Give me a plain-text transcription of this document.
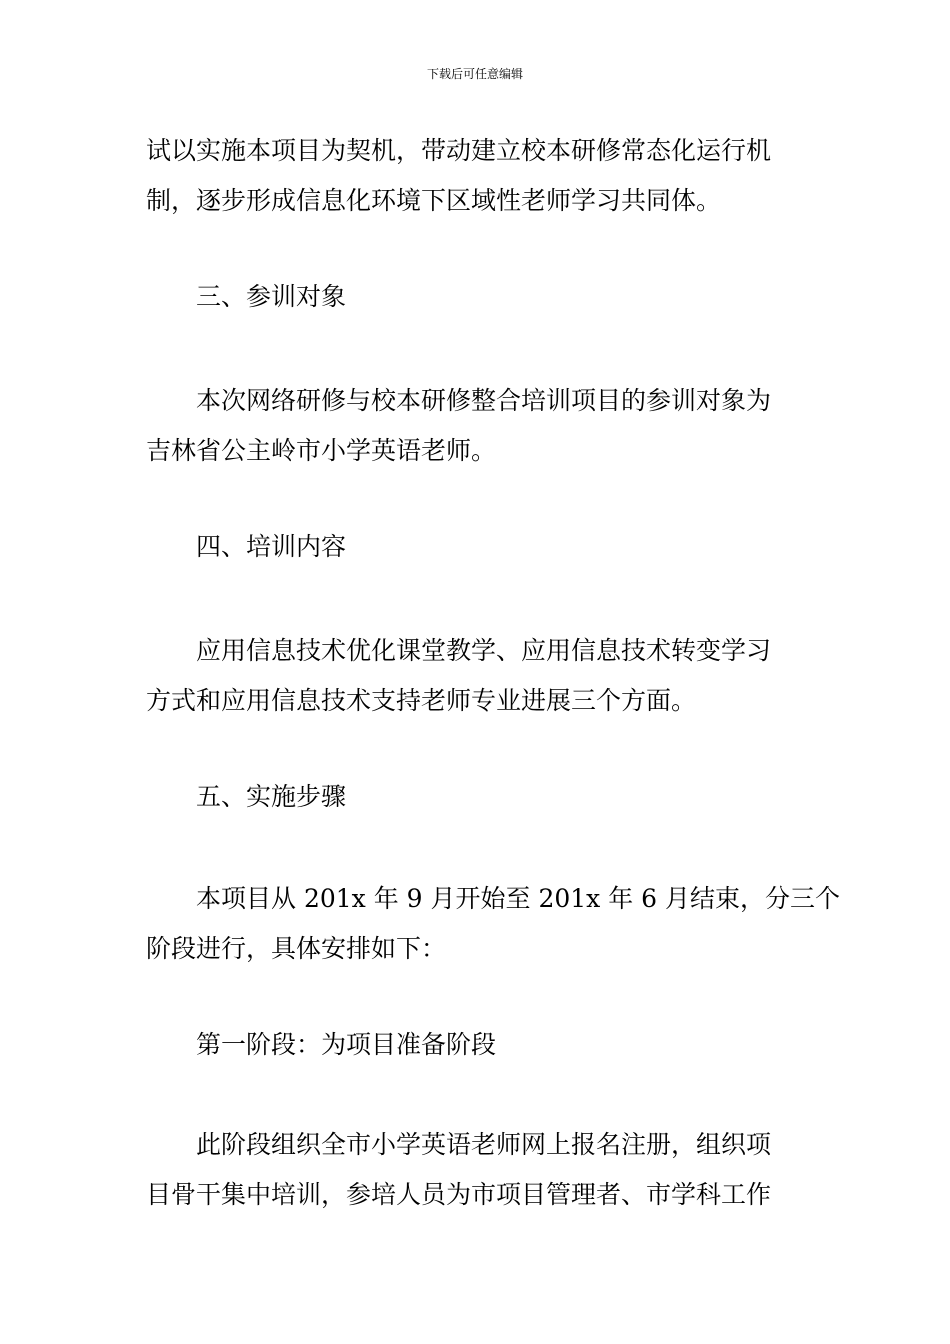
下载后可任意编辑
试以实施本项目为契机，带动建立校本研修常态化运行机
制，逐步形成信息化环境下区域性老师学习共同体。
三、参训对象
本次网络研修与校本研修整合培训项目的参训对象为
吉林省公主岭市小学英语老师。
四、培训内容
应用信息技术优化课堂教学、应用信息技术转变学习
方式和应用信息技术支持老师专业进展三个方面。
五、实施步骤
本项目从 201x 年 9 月开始至 201x 年 6 月结束，分三个
阶段进行，具体安排如下：
第一阶段：为项目准备阶段
此阶段组织全市小学英语老师网上报名注册，组织项
目骨干集中培训，参培人员为市项目管理者、市学科工作
